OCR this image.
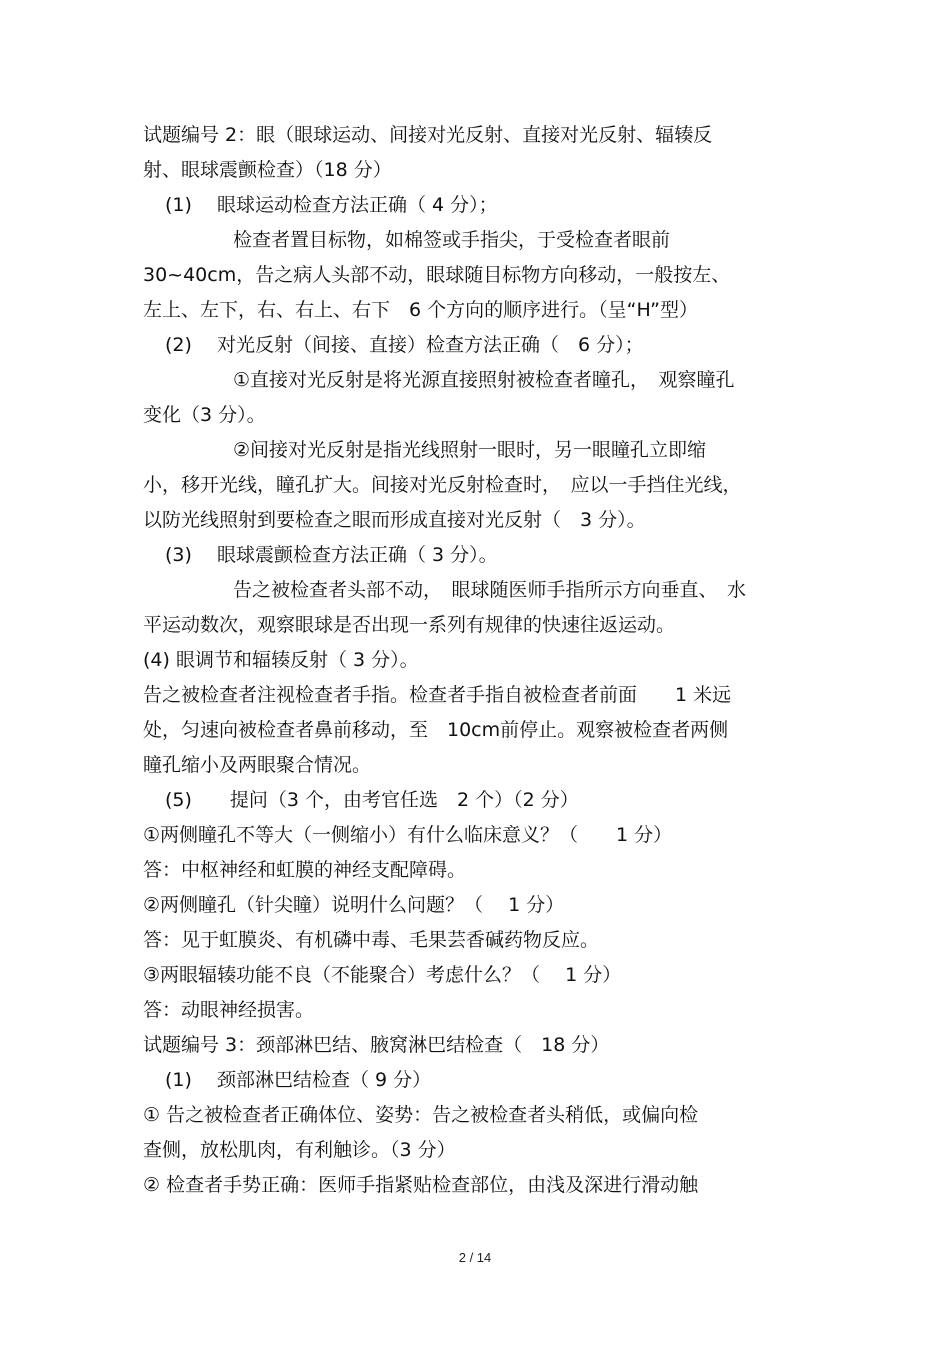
试题编号 2：眼（眼球运动、间接对光反射、直接对光反射、辐辏反
射、眼球震颤检查）（18 分）
(1)　 眼球运动检查方法正确（ 4 分）；
检查者置目标物，如棉签或手指尖，于受检查者眼前
30~40cm，告之病人头部不动，眼球随目标物方向移动，一般按左、
左上、左下，右、右上、右下　6 个方向的顺序进行。（呈“H”型）
(2)　 对光反射（间接、直接）检查方法正确（　6 分）；
①直接对光反射是将光源直接照射被检查者瞳孔，　观察瞳孔
变化（3 分）。
②间接对光反射是指光线照射一眼时，另一眼瞳孔立即缩
小，移开光线，瞳孔扩大。间接对光反射检查时，　应以一手挡住光线，
以防光线照射到要检查之眼而形成直接对光反射（　3 分）。
(3)　 眼球震颤检查方法正确（ 3 分）。
告之被检查者头部不动，　眼球随医师手指所示方向垂直、　水
平运动数次，观察眼球是否出现一系列有规律的快速往返运动。
(4) 眼调节和辐辏反射（ 3 分）。
告之被检查者注视检查者手指。检查者手指自被检查者前面　　1 米远
处，匀速向被检查者鼻前移动，至　10cm前停止。观察被检查者两侧
瞳孔缩小及两眼聚合情况。
(5)　　提问（3 个，由考官任选　2 个）（2 分）
①两侧瞳孔不等大（一侧缩小）有什么临床意义？（　　1 分）
答：中枢神经和虹膜的神经支配障碍。
②两侧瞳孔（针尖瞳）说明什么问题？（　 1 分）
答：见于虹膜炎、有机磷中毒、毛果芸香碱药物反应。
③两眼辐辏功能不良（不能聚合）考虑什么？（　 1 分）
答：动眼神经损害。
试题编号 3：颈部淋巴结、腋窝淋巴结检查（　18 分）
(1)　 颈部淋巴结检查（ 9 分）
① 告之被检查者正确体位、姿势：告之被检查者头稍低，或偏向检
查侧，放松肌肉，有利触诊。（3 分）
② 检查者手势正确：医师手指紧贴检查部位，由浅及深进行滑动触
2 / 14
